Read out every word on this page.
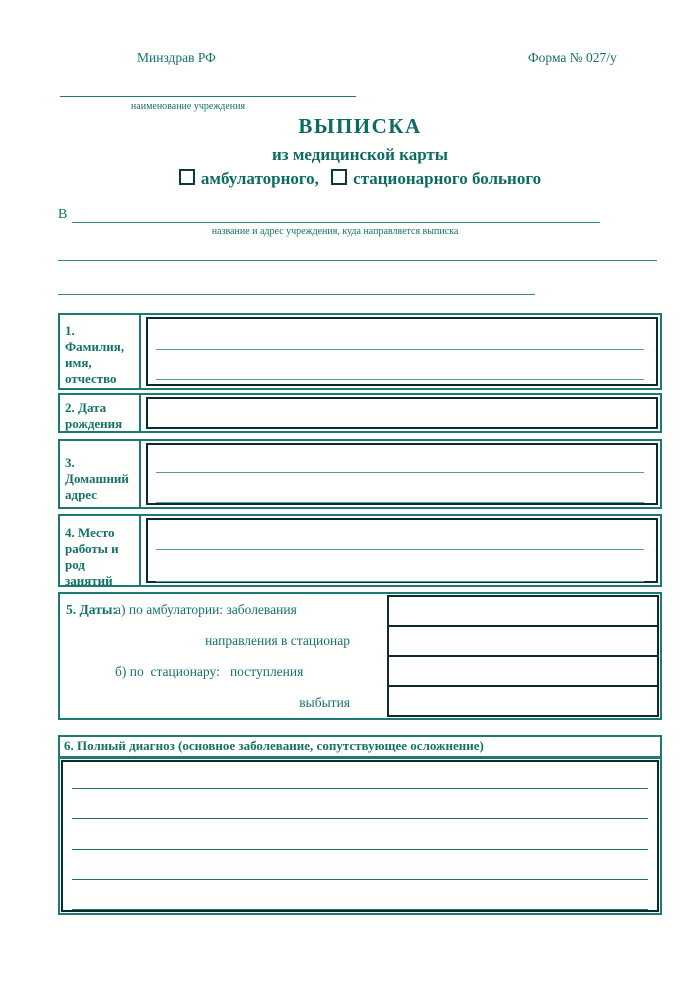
Минздрав РФ	Форма № 027/у
наименование учреждения
ВЫПИСКА
из медицинской карты
амбулаторного, стационарного больного
В
название и адрес учреждения, куда направляется выписка
1. Фамилия,
имя,
отчество
2. Дата
рождения
3. Домашний
адрес
4. Место
работы и род
занятий
5. Даты:
а) по амбулатории: заболевания
направления в стационар
б) по  стационару:   поступления
выбытия
6. Полный диагноз (основное заболевание, сопутствующее осложнение)
